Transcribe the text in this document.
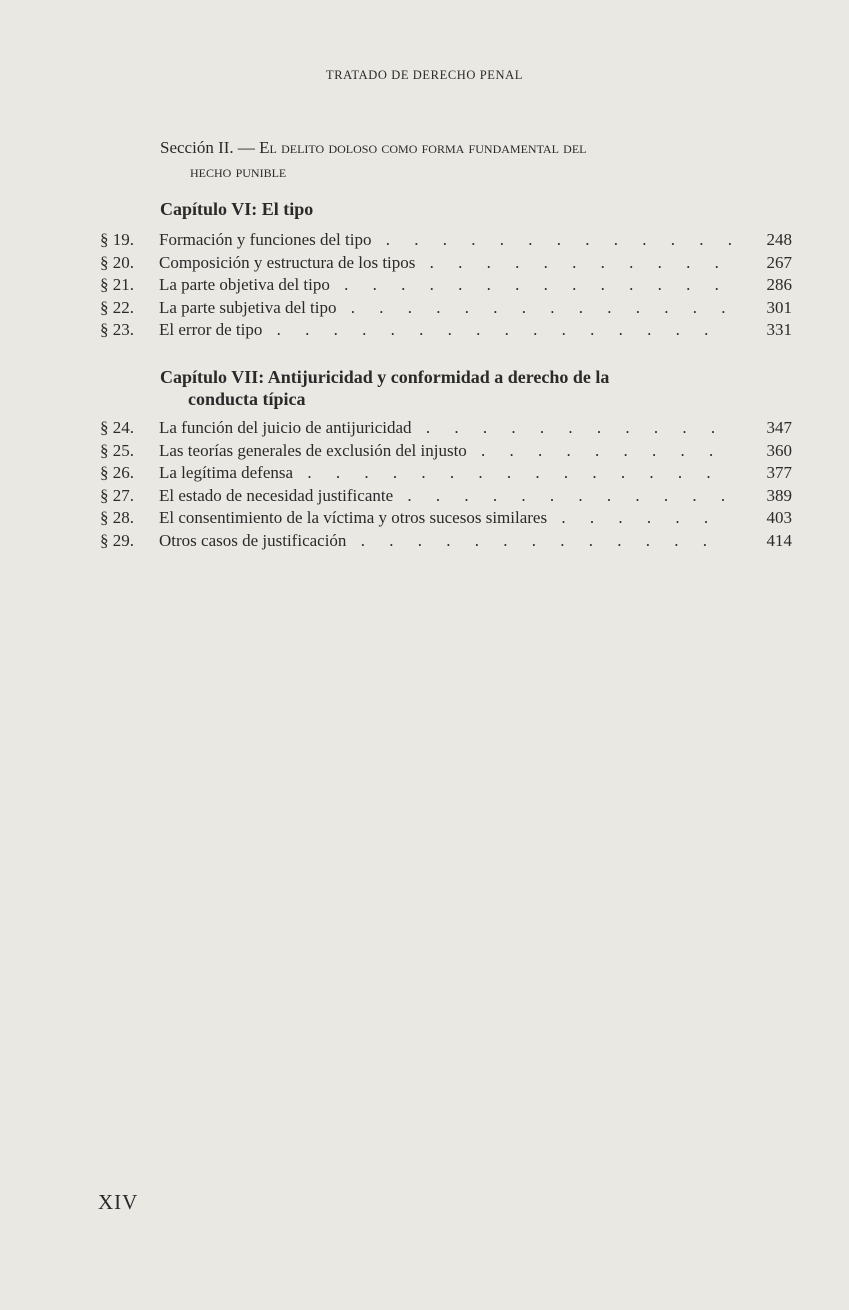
TRATADO DE DERECHO PENAL
Sección II. — El delito doloso como forma fundamental del
hecho punible
Capítulo VI: El tipo
§ 19.	Formación y funciones del tipo . . .	248
§ 20.	Composición y estructura de los tipos . . .	267
§ 21.	La parte objetiva del tipo . . .	286
§ 22.	La parte subjetiva del tipo . . .	301
§ 23.	El error de tipo . . .	331
Capítulo VII: Antijuricidad y conformidad a derecho de la
conducta típica
§ 24.	La función del juicio de antijuricidad . . .	347
§ 25.	Las teorías generales de exclusión del injusto . . .	360
§ 26.	La legítima defensa . . .	377
§ 27.	El estado de necesidad justificante . . .	389
§ 28.	El consentimiento de la víctima y otros sucesos similares . . .	403
§ 29.	Otros casos de justificación . . .	414
XIV
